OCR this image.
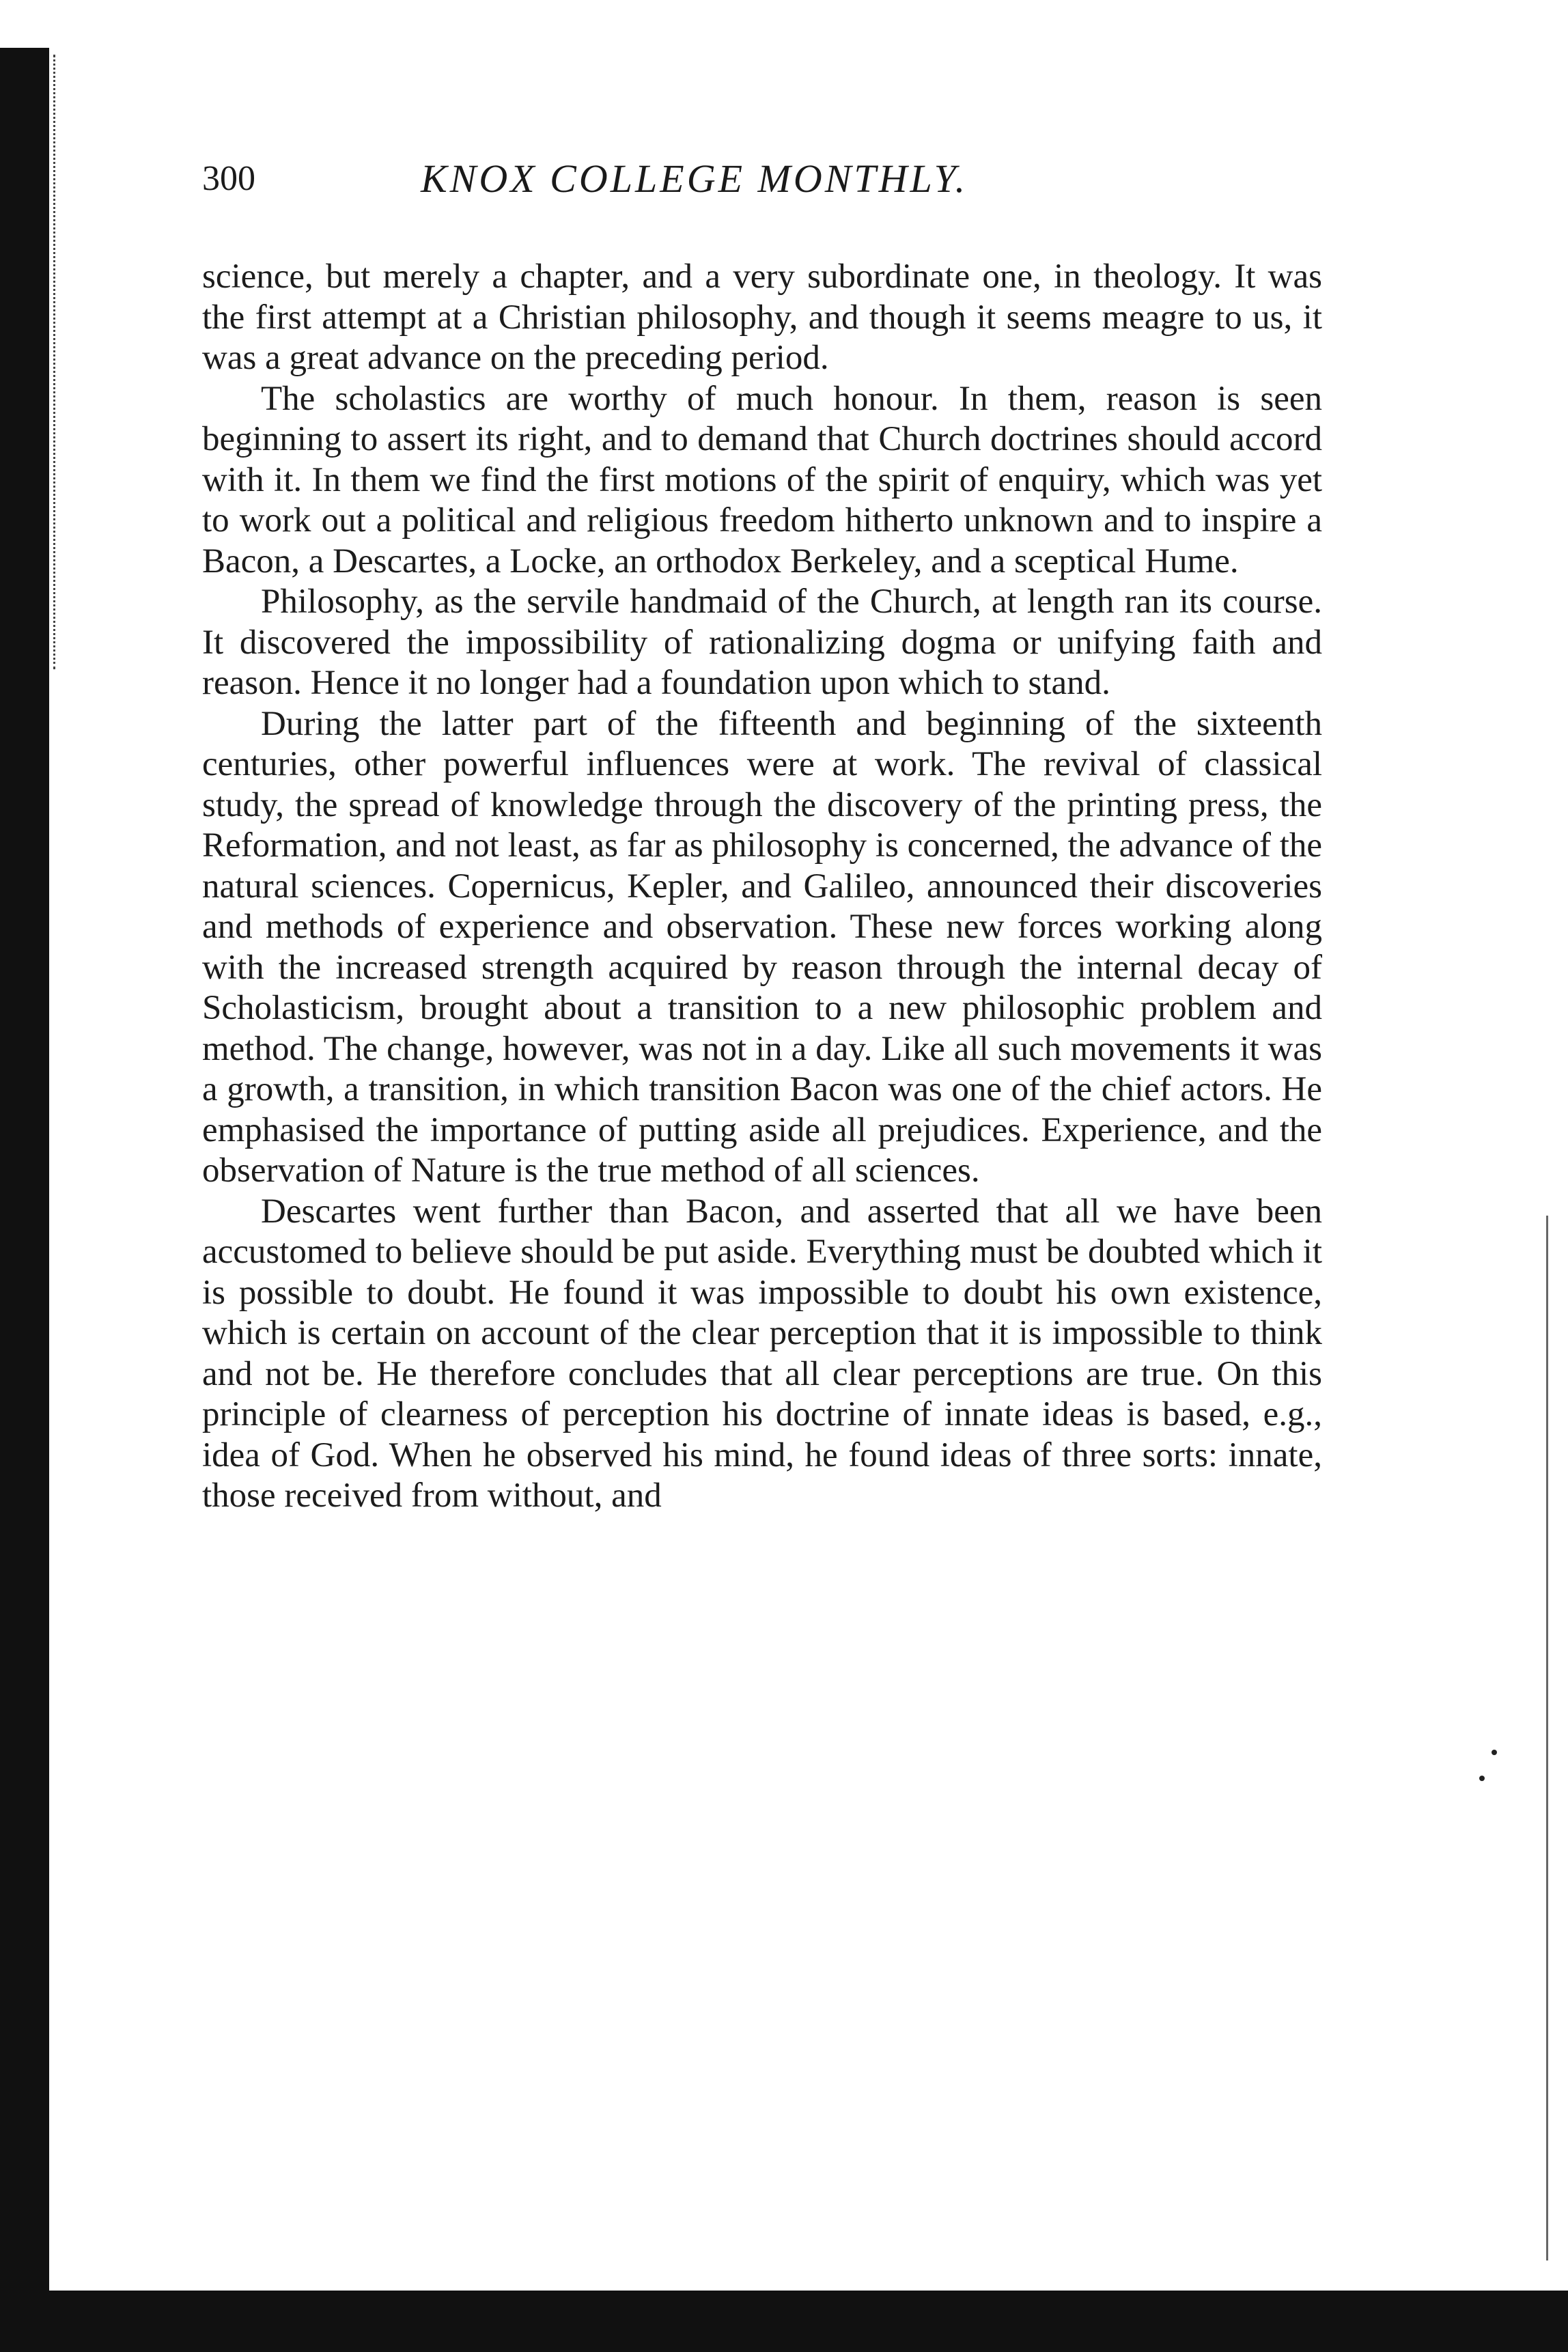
300	KNOX COLLEGE MONTHLY.

science, but merely a chapter, and a very subordinate one, in theology. It was the first attempt at a Christian philosophy, and though it seems meagre to us, it was a great advance on the preceding period.

The scholastics are worthy of much honour. In them, reason is seen beginning to assert its right, and to demand that Church doctrines should accord with it. In them we find the first motions of the spirit of enquiry, which was yet to work out a political and religious freedom hitherto unknown and to inspire a Bacon, a Descartes, a Locke, an orthodox Berkeley, and a sceptical Hume.

Philosophy, as the servile handmaid of the Church, at length ran its course. It discovered the impossibility of rationalizing dogma or unifying faith and reason. Hence it no longer had a foundation upon which to stand.

During the latter part of the fifteenth and beginning of the sixteenth centuries, other powerful influences were at work. The revival of classical study, the spread of knowledge through the discovery of the printing press, the Reformation, and not least, as far as philosophy is concerned, the advance of the natural sciences. Copernicus, Kepler, and Galileo, announced their discoveries and methods of experience and observation. These new forces working along with the increased strength acquired by reason through the internal decay of Scholasticism, brought about a transition to a new philosophic problem and method. The change, however, was not in a day. Like all such movements it was a growth, a transition, in which transition Bacon was one of the chief actors. He emphasised the importance of putting aside all prejudices. Experience, and the observation of Nature is the true method of all sciences.

Descartes went further than Bacon, and asserted that all we have been accustomed to believe should be put aside. Everything must be doubted which it is possible to doubt. He found it was impossible to doubt his own existence, which is certain on account of the clear perception that it is impossible to think and not be. He therefore concludes that all clear perceptions are true. On this principle of clearness of perception his doctrine of innate ideas is based, e.g., idea of God. When he observed his mind, he found ideas of three sorts: innate, those received from without, and
